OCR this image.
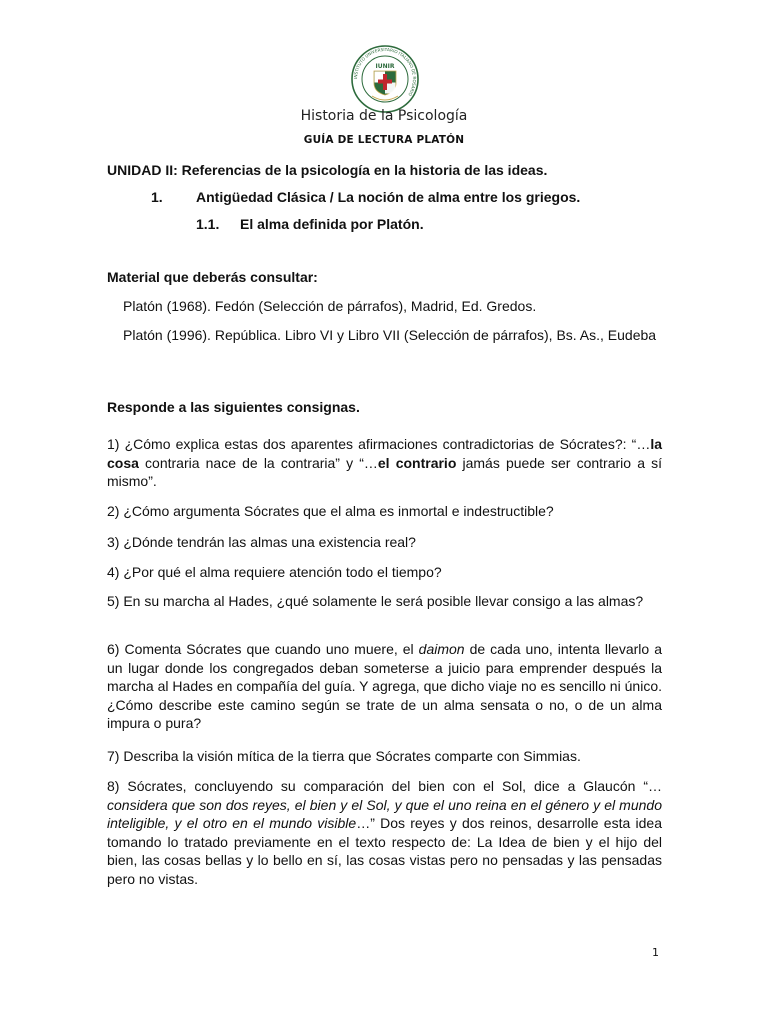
INSTITUTO UNIVERSITARIO ITALIANO DE ROSARIO
IUNIR
Historia de la Psicología
GUÍA DE LECTURA PLATÓN
UNIDAD II: Referencias de la psicología en la historia de las ideas.
1. Antigüedad Clásica / La noción de alma entre los griegos.
1.1. El alma definida por Platón.
Material que deberás consultar:
Platón (1968). Fedón (Selección de párrafos), Madrid, Ed. Gredos.
Platón (1996). República. Libro VI y Libro VII (Selección de párrafos), Bs. As., Eudeba
Responde a las siguientes consignas.
1) ¿Cómo explica estas dos aparentes afirmaciones contradictorias de Sócrates?: “…la cosa contraria nace de la contraria” y “…el contrario jamás puede ser contrario a sí mismo”.
2) ¿Cómo argumenta Sócrates que el alma es inmortal e indestructible?
3) ¿Dónde tendrán las almas una existencia real?
4) ¿Por qué el alma requiere atención todo el tiempo?
5) En su marcha al Hades, ¿qué solamente le será posible llevar consigo a las almas?
6) Comenta Sócrates que cuando uno muere, el daimon de cada uno, intenta llevarlo a un lugar donde los congregados deban someterse a juicio para emprender después la marcha al Hades en compañía del guía. Y agrega, que dicho viaje no es sencillo ni único. ¿Cómo describe este camino según se trate de un alma sensata o no, o de un alma impura o pura?
7) Describa la visión mítica de la tierra que Sócrates comparte con Simmias.
8) Sócrates, concluyendo su comparación del bien con el Sol, dice a Glaucón “… considera que son dos reyes, el bien y el Sol, y que el uno reina en el género y el mundo inteligible, y el otro en el mundo visible…” Dos reyes y dos reinos, desarrolle esta idea tomando lo tratado previamente en el texto respecto de: La Idea de bien y el hijo del bien, las cosas bellas y lo bello en sí, las cosas vistas pero no pensadas y las pensadas pero no vistas.
1
